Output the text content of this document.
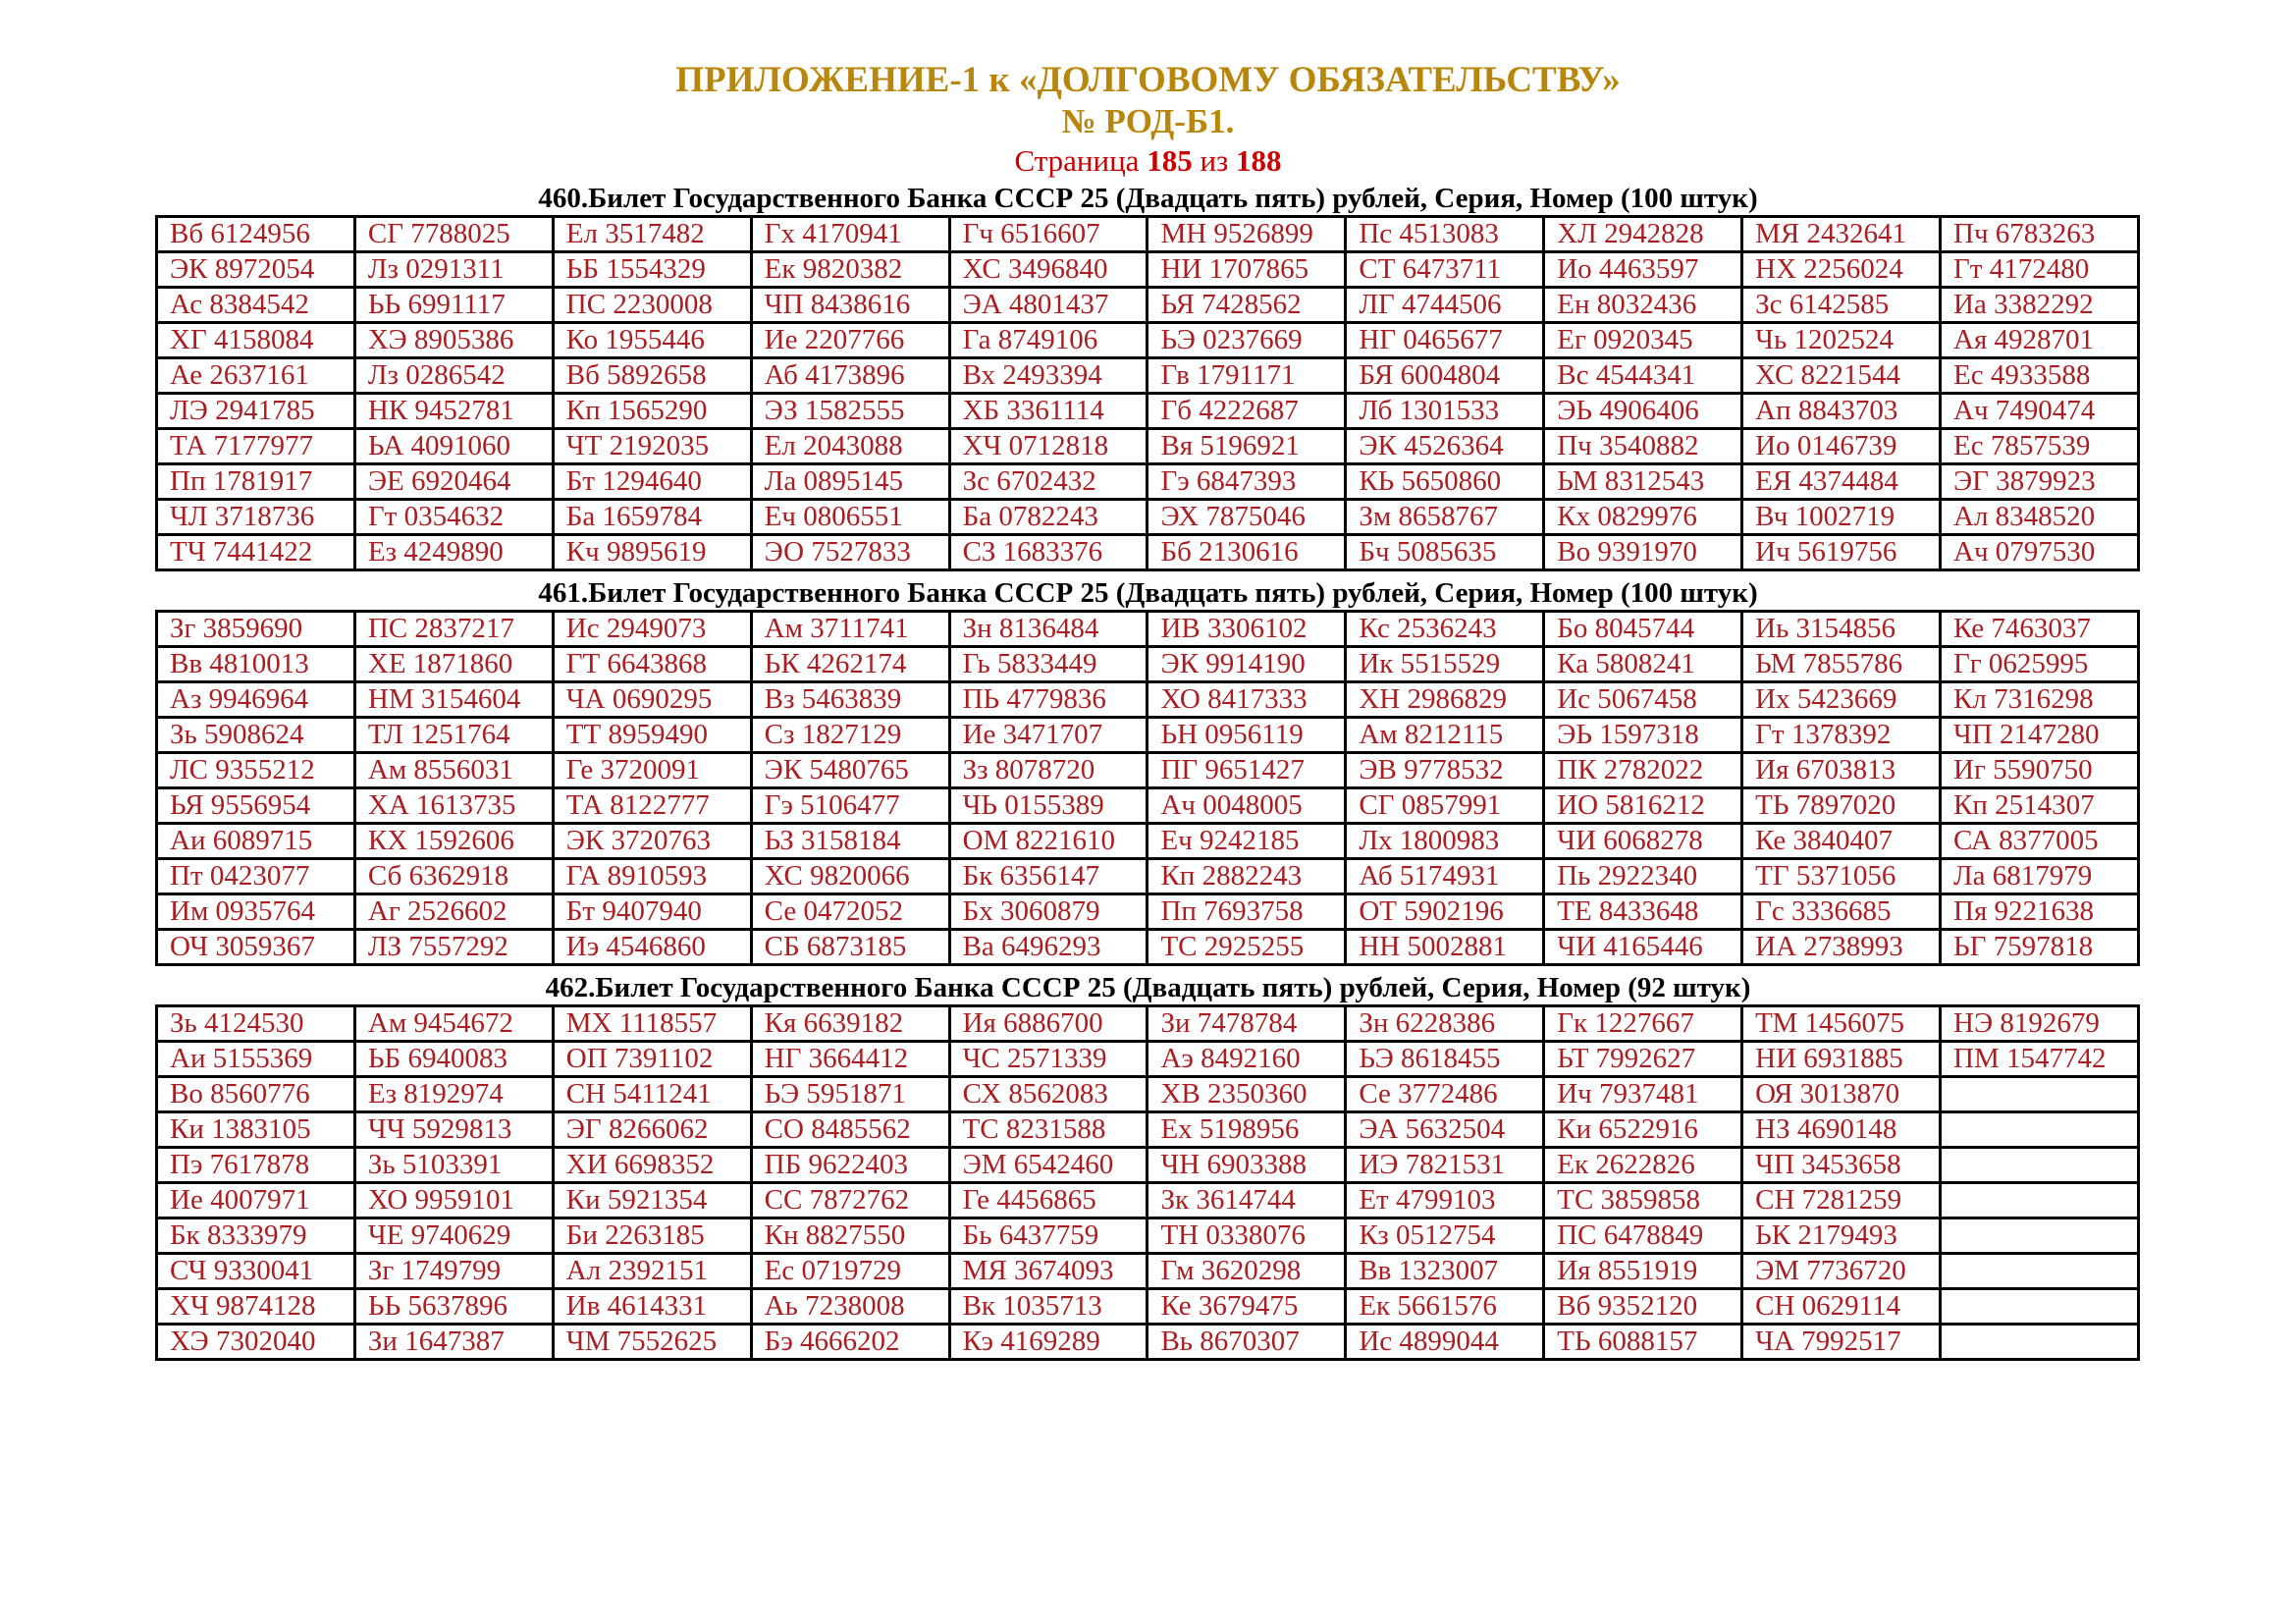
ПРИЛОЖЕНИЕ-1 к «ДОЛГОВОМУ ОБЯЗАТЕЛЬСТВУ»
№ РОД-Б1.

Страница 185 из 188

460.Билет Государственного Банка СССР 25 (Двадцать пять) рублей, Серия, Номер (100 штук)
Вб 6124956	СГ 7788025	Ел 3517482	Гх 4170941	Гч 6516607	МН 9526899	Пс 4513083	ХЛ 2942828	МЯ 2432641	Пч 6783263
ЭК 8972054	Лз 0291311	ЬБ 1554329	Ек 9820382	ХС 3496840	НИ 1707865	СТ 6473711	Ио 4463597	НХ 2256024	Гт 4172480
Ас 8384542	ЬЬ 6991117	ПС 2230008	ЧП 8438616	ЭА 4801437	ЬЯ 7428562	ЛГ 4744506	Ен 8032436	Зс 6142585	Иа 3382292
ХГ 4158084	ХЭ 8905386	Ко 1955446	Ие 2207766	Га 8749106	ЬЭ 0237669	НГ 0465677	Ег 0920345	Чь 1202524	Ая 4928701
Ае 2637161	Лз 0286542	Вб 5892658	Аб 4173896	Вх 2493394	Гв 1791171	БЯ 6004804	Вс 4544341	ХС 8221544	Ес 4933588
ЛЭ 2941785	НК 9452781	Кп 1565290	ЭЗ 1582555	ХБ 3361114	Гб 4222687	Лб 1301533	ЭЬ 4906406	Ап 8843703	Ач 7490474
ТА 7177977	ЬА 4091060	ЧТ 2192035	Ел 2043088	ХЧ 0712818	Вя 5196921	ЭК 4526364	Пч 3540882	Ио 0146739	Ес 7857539
Пп 1781917	ЭЕ 6920464	Бт 1294640	Ла 0895145	Зс 6702432	Гэ 6847393	КЬ 5650860	ЬМ 8312543	ЕЯ 4374484	ЭГ 3879923
ЧЛ 3718736	Гт 0354632	Ба 1659784	Еч 0806551	Ба 0782243	ЭХ 7875046	Зм 8658767	Кх 0829976	Вч 1002719	Ал 8348520
ТЧ 7441422	Ез 4249890	Кч 9895619	ЭО 7527833	СЗ 1683376	Бб 2130616	Бч 5085635	Во 9391970	Ич 5619756	Ач 0797530
461.Билет Государственного Банка СССР 25 (Двадцать пять) рублей, Серия, Номер (100 штук)
Зг 3859690	ПС 2837217	Ис 2949073	Ам 3711741	Зн 8136484	ИВ 3306102	Кс 2536243	Бо 8045744	Иь 3154856	Ке 7463037
Вв 4810013	ХЕ 1871860	ГТ 6643868	ЬК 4262174	Гь 5833449	ЭК 9914190	Ик 5515529	Ка 5808241	ЬМ 7855786	Гг 0625995
Аз 9946964	НМ 3154604	ЧА 0690295	Вз 5463839	ПЬ 4779836	ХО 8417333	ХН 2986829	Ис 5067458	Их 5423669	Кл 7316298
Зь 5908624	ТЛ 1251764	ТТ 8959490	Сз 1827129	Ие 3471707	ЬН 0956119	Ам 8212115	ЭЬ 1597318	Гт 1378392	ЧП 2147280
ЛС 9355212	Ам 8556031	Ге 3720091	ЭК 5480765	Зз 8078720	ПГ 9651427	ЭВ 9778532	ПК 2782022	Ия 6703813	Иг 5590750
ЬЯ 9556954	ХА 1613735	ТА 8122777	Гэ 5106477	ЧЬ 0155389	Ач 0048005	СГ 0857991	ИО 5816212	ТЬ 7897020	Кп 2514307
Аи 6089715	КХ 1592606	ЭК 3720763	ЬЗ 3158184	ОМ 8221610	Еч 9242185	Лх 1800983	ЧИ 6068278	Ке 3840407	СА 8377005
Пт 0423077	Сб 6362918	ГА 8910593	ХС 9820066	Бк 6356147	Кп 2882243	Аб 5174931	Пь 2922340	ТГ 5371056	Ла 6817979
Им 0935764	Аг 2526602	Бт 9407940	Се 0472052	Бх 3060879	Пп 7693758	ОТ 5902196	ТЕ 8433648	Гс 3336685	Пя 9221638
ОЧ 3059367	ЛЗ 7557292	Иэ 4546860	СБ 6873185	Ва 6496293	ТС 2925255	НН 5002881	ЧИ 4165446	ИА 2738993	ЬГ 7597818
462.Билет Государственного Банка СССР 25 (Двадцать пять) рублей, Серия, Номер (92 штук)
Зь 4124530	Ам 9454672	МХ 1118557	Кя 6639182	Ия 6886700	Зи 7478784	Зн 6228386	Гк 1227667	ТМ 1456075	НЭ 8192679
Аи 5155369	ЬБ 6940083	ОП 7391102	НГ 3664412	ЧС 2571339	Аэ 8492160	ЬЭ 8618455	ЬТ 7992627	НИ 6931885	ПМ 1547742
Во 8560776	Ез 8192974	СН 5411241	ЬЭ 5951871	СХ 8562083	ХВ 2350360	Се 3772486	Ич 7937481	ОЯ 3013870	
Ки 1383105	ЧЧ 5929813	ЭГ 8266062	СО 8485562	ТС 8231588	Ех 5198956	ЭА 5632504	Ки 6522916	НЗ 4690148	
Пэ 7617878	Зь 5103391	ХИ 6698352	ПБ 9622403	ЭМ 6542460	ЧН 6903388	ИЭ 7821531	Ек 2622826	ЧП 3453658	
Ие 4007971	ХО 9959101	Ки 5921354	СС 7872762	Ге 4456865	Зк 3614744	Ет 4799103	ТС 3859858	СН 7281259	
Бк 8333979	ЧЕ 9740629	Би 2263185	Кн 8827550	Бь 6437759	ТН 0338076	Кз 0512754	ПС 6478849	ЬК 2179493	
СЧ 9330041	Зг 1749799	Ал 2392151	Ес 0719729	МЯ 3674093	Гм 3620298	Вв 1323007	Ия 8551919	ЭМ 7736720	
ХЧ 9874128	ЬЬ 5637896	Ив 4614331	Аь 7238008	Вк 1035713	Ке 3679475	Ек 5661576	Вб 9352120	СН 0629114	
ХЭ 7302040	Зи 1647387	ЧМ 7552625	Бэ 4666202	Кэ 4169289	Вь 8670307	Ис 4899044	ТЬ 6088157	ЧА 7992517	
